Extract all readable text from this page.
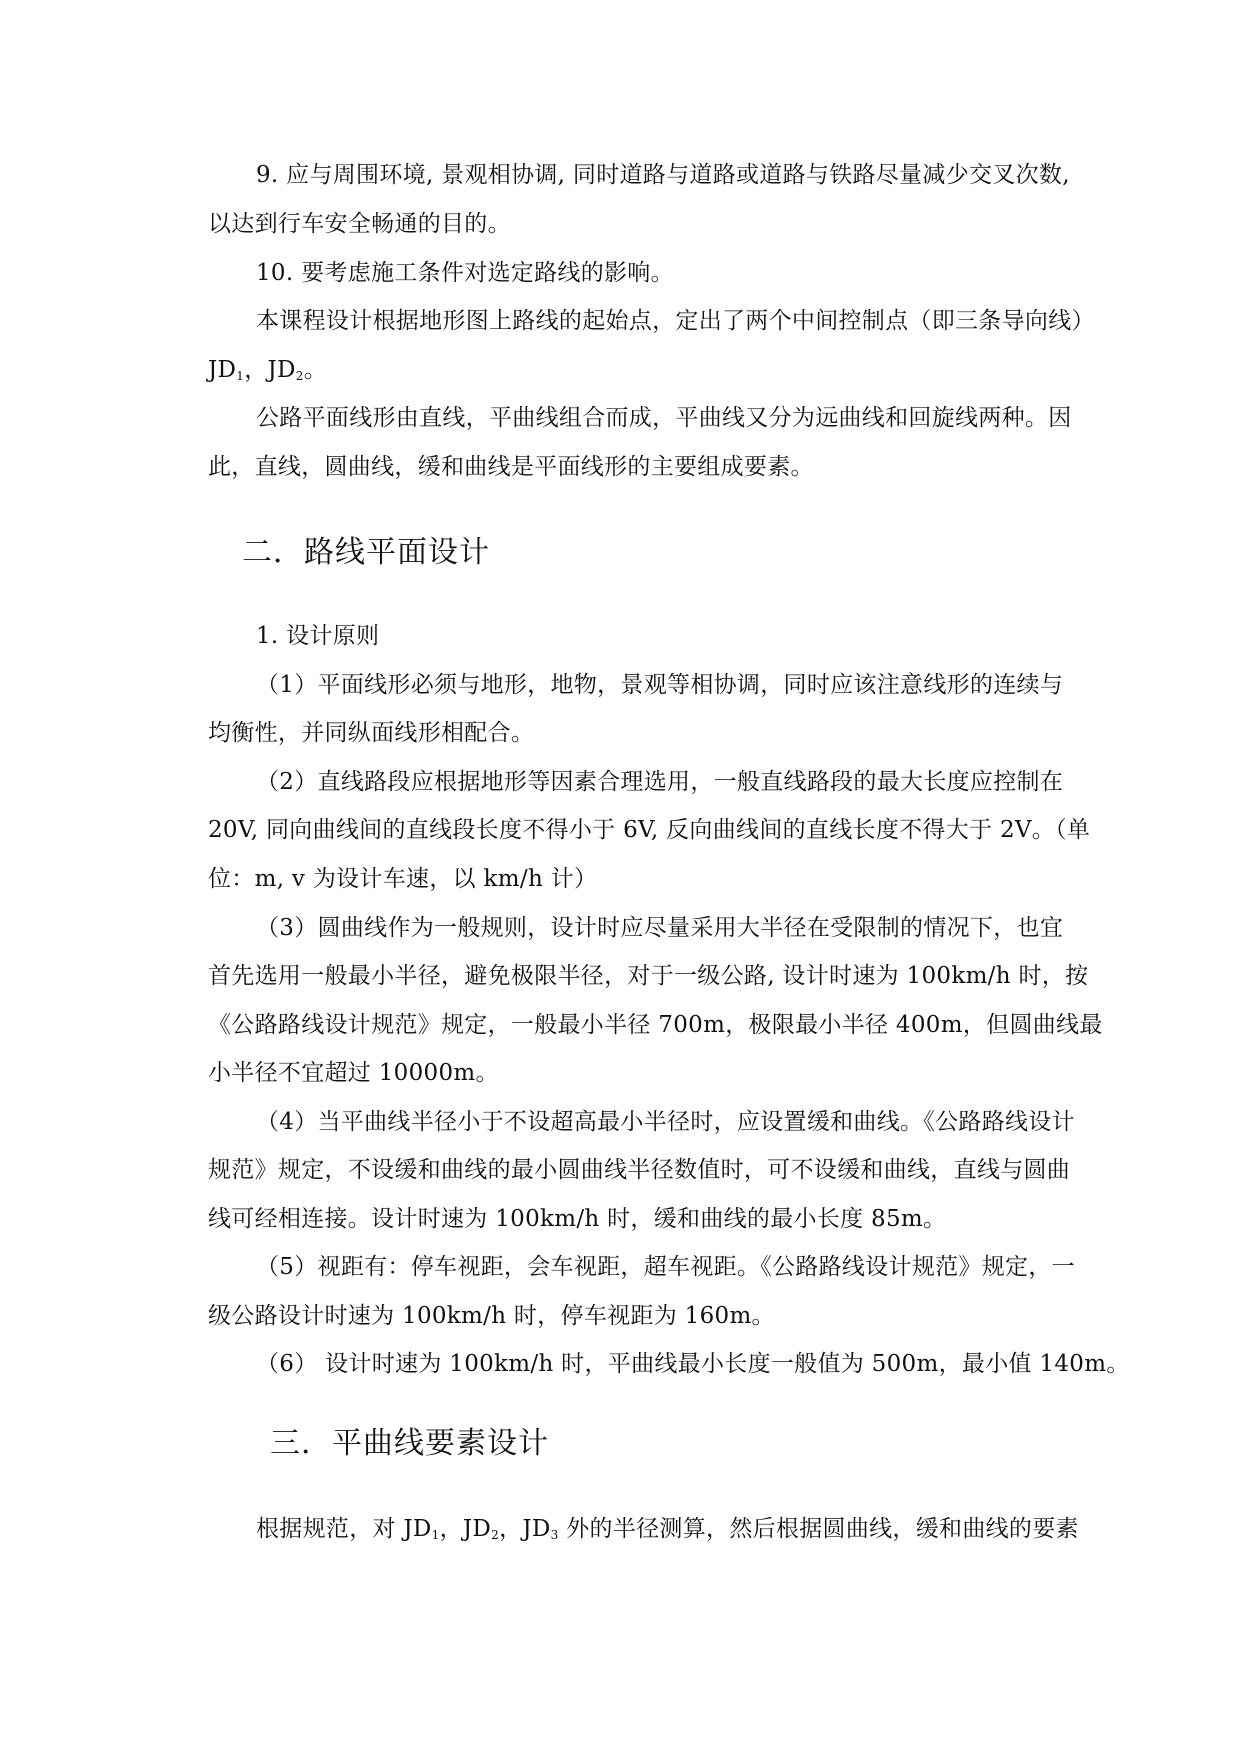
9. 应与周围环境, 景观相协调, 同时道路与道路或道路与铁路尽量减少交叉次数,
以达到行车安全畅通的目的。
10. 要考虑施工条件对选定路线的影响。
本课程设计根据地形图上路线的起始点，定出了两个中间控制点（即三条导向线）
$JD_1$，$JD_2$。
公路平面线形由直线，平曲线组合而成，平曲线又分为远曲线和回旋线两种。因
此，直线，圆曲线，缓和曲线是平面线形的主要组成要素。
二．路线平面设计
1. 设计原则
（1）平面线形必须与地形，地物，景观等相协调，同时应该注意线形的连续与
均衡性，并同纵面线形相配合。
（2）直线路段应根据地形等因素合理选用，一般直线路段的最大长度应控制在
20V, 同向曲线间的直线段长度不得小于 6V, 反向曲线间的直线长度不得大于 2V。（单
位：m, v 为设计车速，以 km/h 计）
（3）圆曲线作为一般规则，设计时应尽量采用大半径在受限制的情况下，也宜
首先选用一般最小半径，避免极限半径，对于一级公路, 设计时速为 100km/h 时，按
《公路路线设计规范》规定，一般最小半径 700m，极限最小半径 400m，但圆曲线最
小半径不宜超过 10000m。
（4）当平曲线半径小于不设超高最小半径时，应设置缓和曲线。《公路路线设计
规范》规定，不设缓和曲线的最小圆曲线半径数值时，可不设缓和曲线，直线与圆曲
线可经相连接。设计时速为 100km/h 时，缓和曲线的最小长度 85m。
（5）视距有：停车视距，会车视距，超车视距。《公路路线设计规范》规定，一
级公路设计时速为 100km/h 时，停车视距为 160m。
（6） 设计时速为 100km/h 时，平曲线最小长度一般值为 500m，最小值 140m。
三．平曲线要素设计
根据规范，对 $JD_1$，$JD_2$，$JD_3$ 外的半径测算，然后根据圆曲线，缓和曲线的要素
